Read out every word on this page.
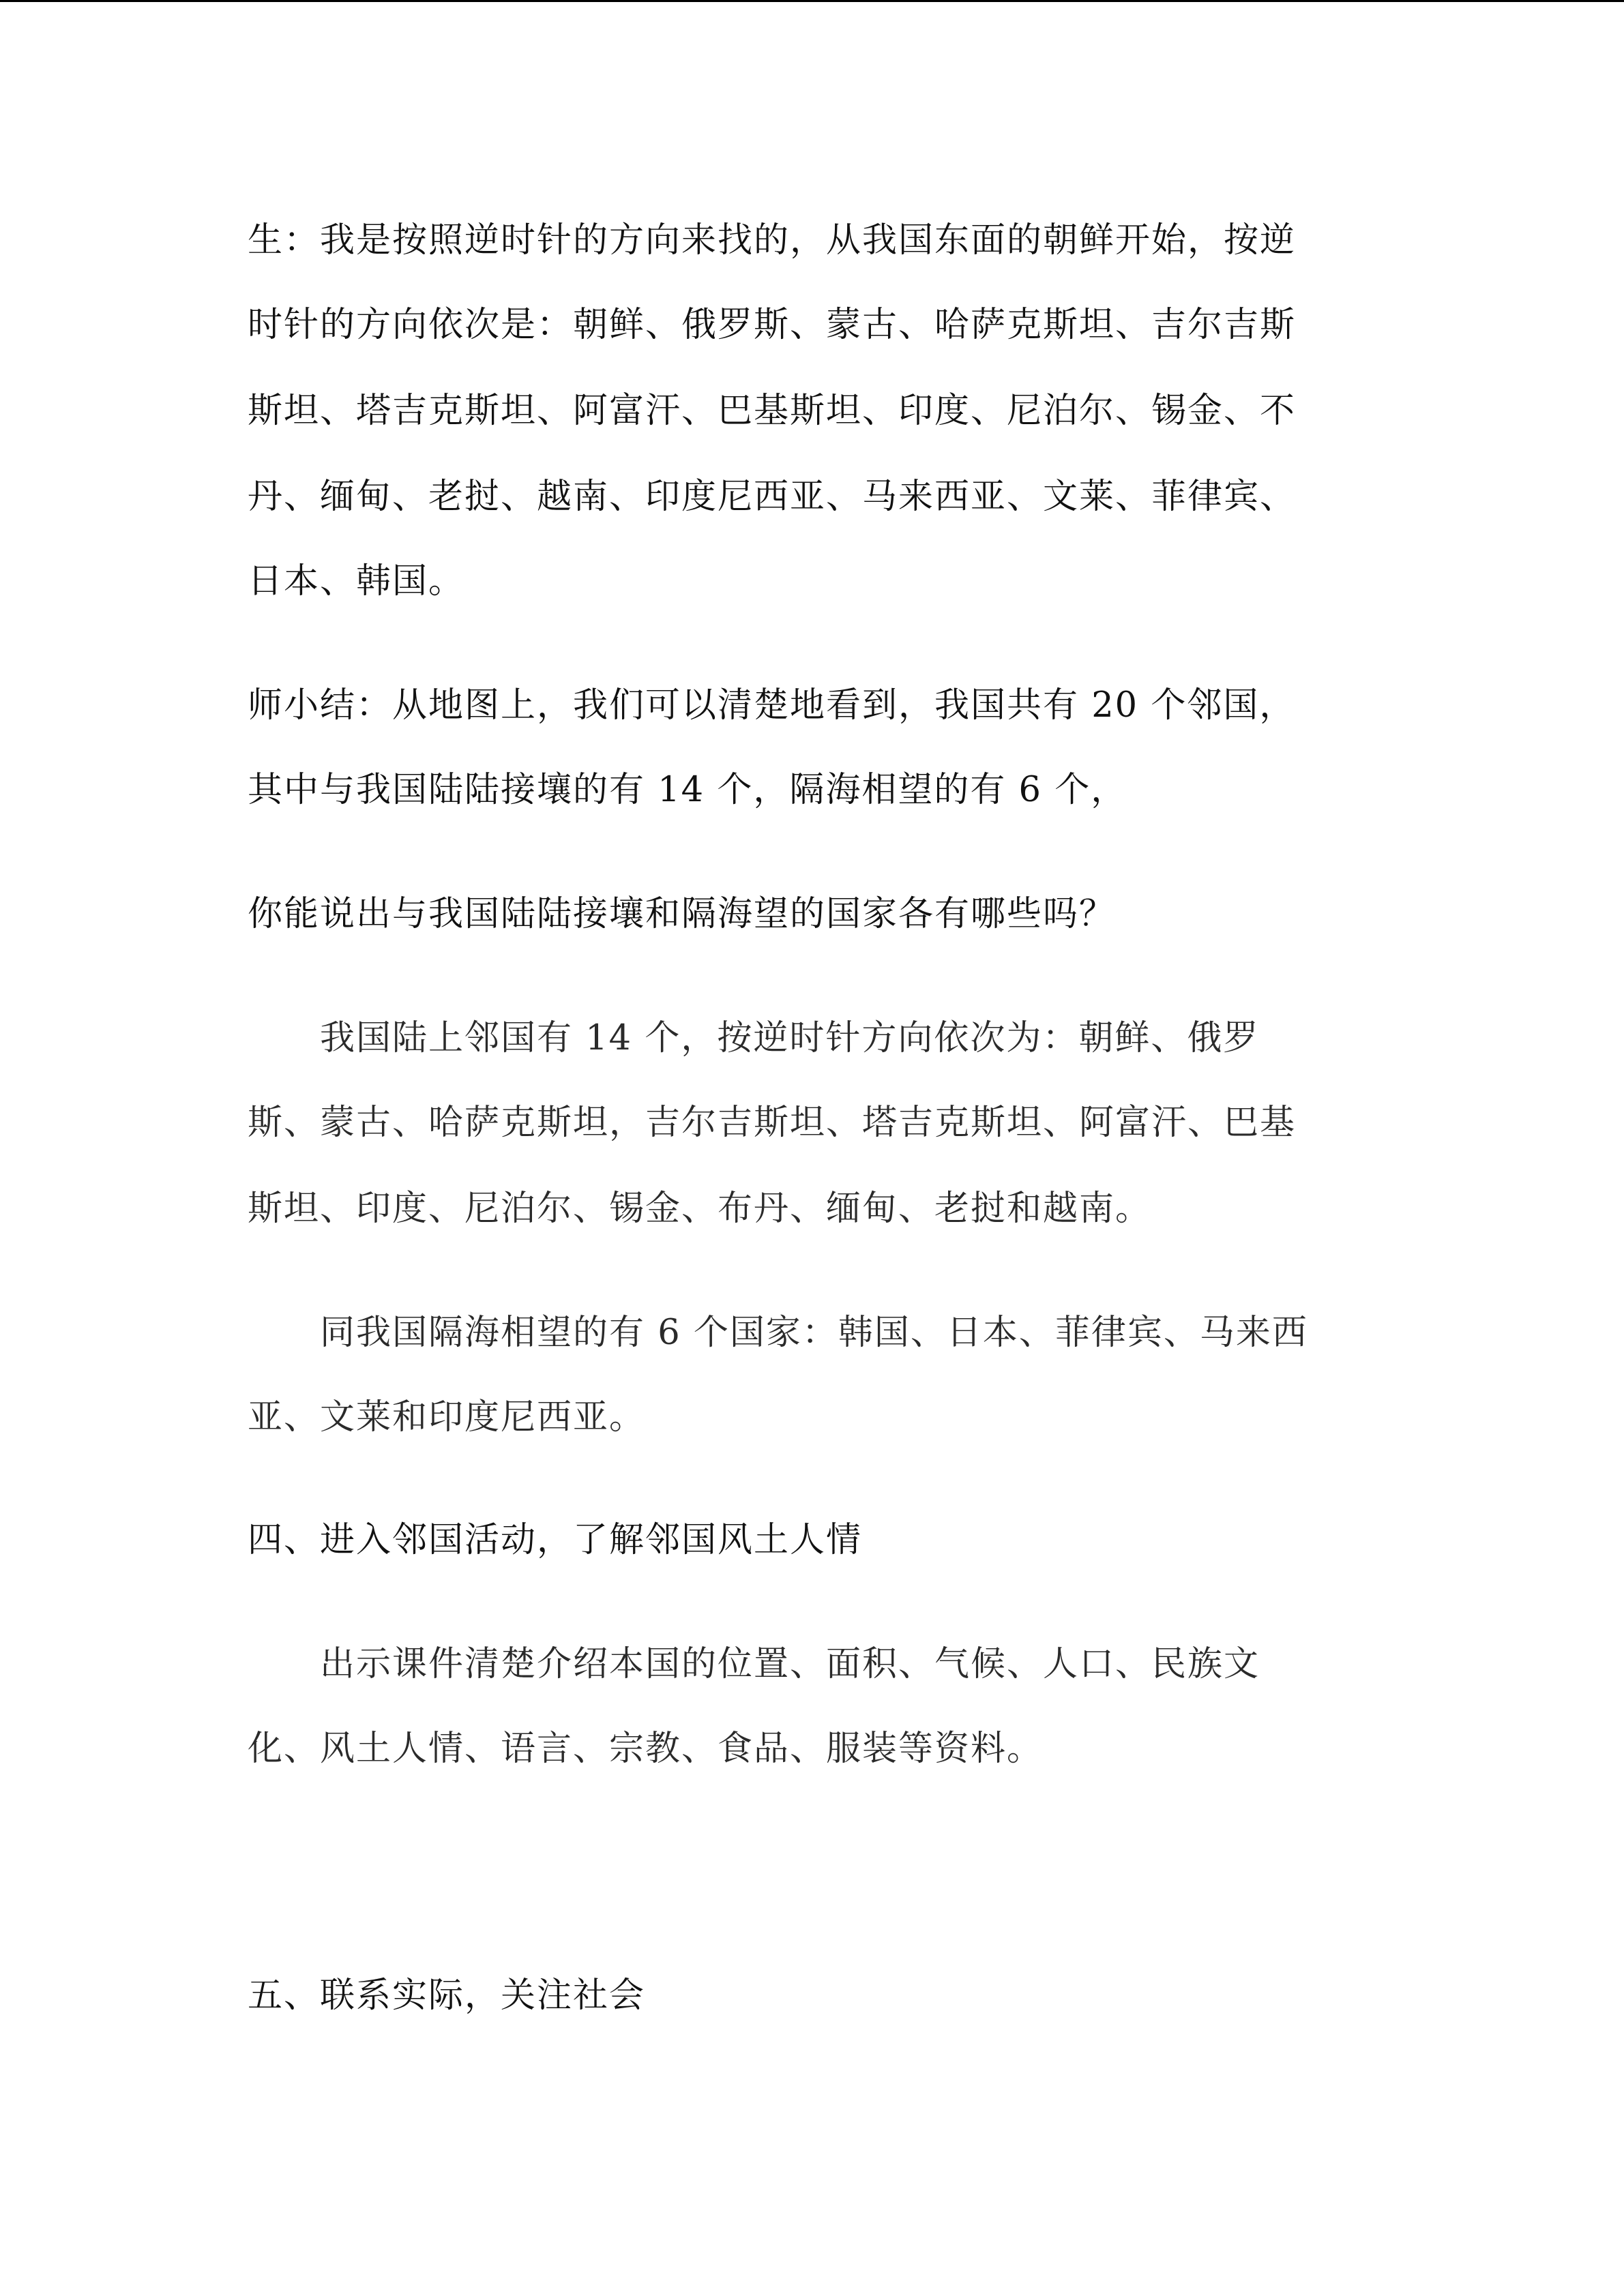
生：我是按照逆时针的方向来找的，从我国东面的朝鲜开始，按逆

时针的方向依次是：朝鲜、俄罗斯、蒙古、哈萨克斯坦、吉尔吉斯

斯坦、塔吉克斯坦、阿富汗、巴基斯坦、印度、尼泊尔、锡金、不

丹、缅甸、老挝、越南、印度尼西亚、马来西亚、文莱、菲律宾、

日本、韩国。

师小结：从地图上，我们可以清楚地看到，我国共有 20 个邻国，

其中与我国陆陆接壤的有 14 个，隔海相望的有 6 个，

你能说出与我国陆陆接壤和隔海望的国家各有哪些吗？

　　我国陆上邻国有 14 个，按逆时针方向依次为：朝鲜、俄罗

斯、蒙古、哈萨克斯坦，吉尔吉斯坦、塔吉克斯坦、阿富汗、巴基

斯坦、印度、尼泊尔、锡金、布丹、缅甸、老挝和越南。

　　同我国隔海相望的有 6 个国家：韩国、日本、菲律宾、马来西

亚、文莱和印度尼西亚。

四、进入邻国活动，了解邻国风土人情

　　出示课件清楚介绍本国的位置、面积、气候、人口、民族文

化、风土人情、语言、宗教、食品、服装等资料。

五、联系实际，关注社会
